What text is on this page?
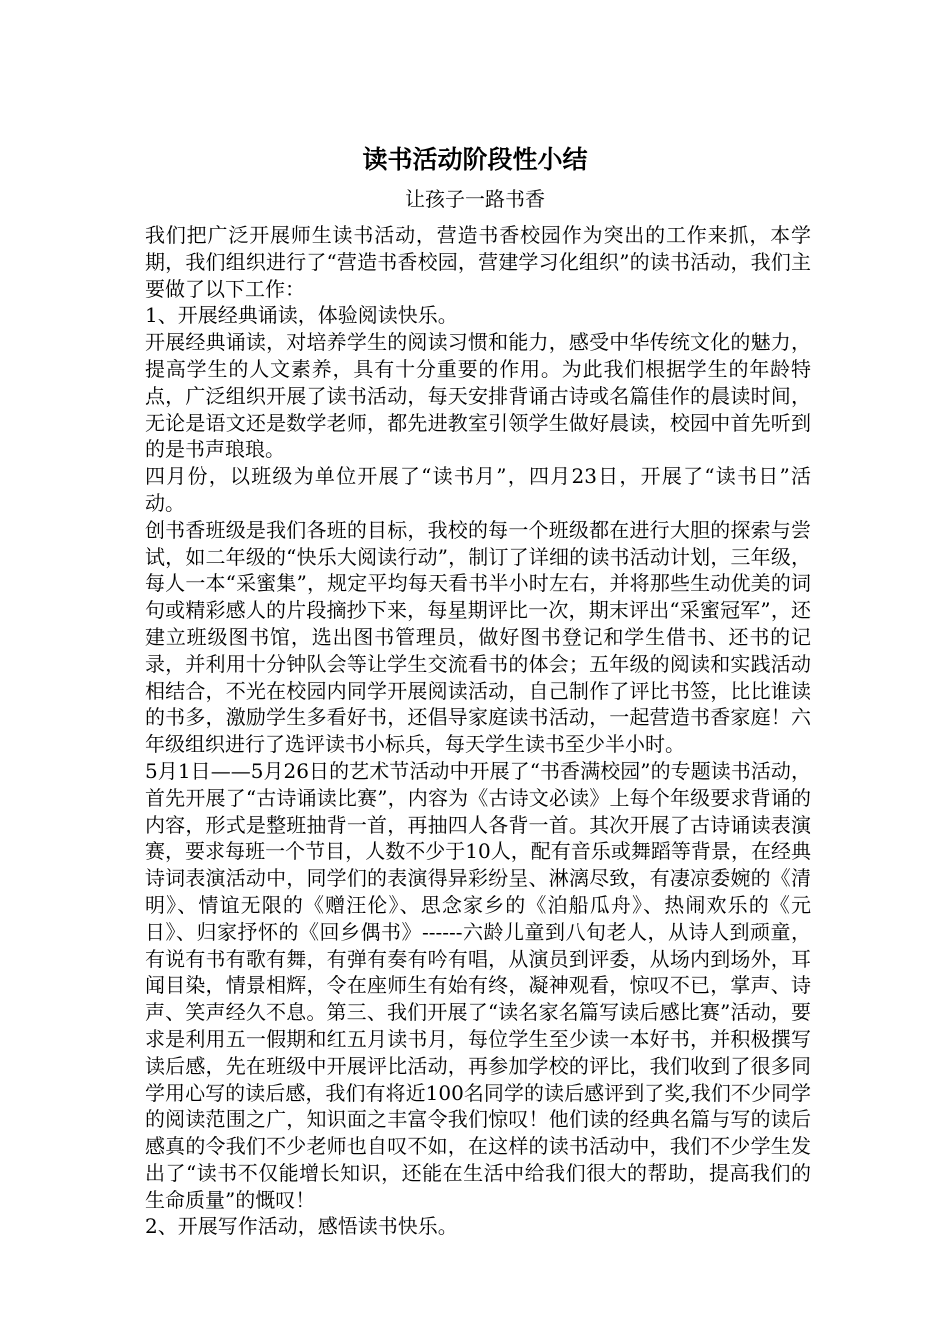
读书活动阶段性小结
让孩子一路书香

我们把广泛开展师生读书活动，营造书香校园作为突出的工作来抓，本学期，我们组织进行了“营造书香校园，营建学习化组织”的读书活动，我们主要做了以下工作：

1、开展经典诵读，体验阅读快乐。

开展经典诵读，对培养学生的阅读习惯和能力，感受中华传统文化的魅力，提高学生的人文素养，具有十分重要的作用。为此我们根据学生的年龄特点，广泛组织开展了读书活动，每天安排背诵古诗或名篇佳作的晨读时间，无论是语文还是数学老师，都先进教室引领学生做好晨读，校园中首先听到的是书声琅琅。

四月份，以班级为单位开展了“读书月”，四月23日，开展了“读书日”活动。

创书香班级是我们各班的目标，我校的每一个班级都在进行大胆的探索与尝试，如二年级的“快乐大阅读行动”，制订了详细的读书活动计划，三年级，每人一本“采蜜集”，规定平均每天看书半小时左右，并将那些生动优美的词句或精彩感人的片段摘抄下来，每星期评比一次，期末评出“采蜜冠军”，还建立班级图书馆，选出图书管理员，做好图书登记和学生借书、还书的记录，并利用十分钟队会等让学生交流看书的体会；五年级的阅读和实践活动相结合，不光在校园内同学开展阅读活动，自己制作了评比书签，比比谁读的书多，激励学生多看好书，还倡导家庭读书活动，一起营造书香家庭！六年级组织进行了选评读书小标兵，每天学生读书至少半小时。

5月1日——5月26日的艺术节活动中开展了“书香满校园”的专题读书活动，首先开展了“古诗诵读比赛”，内容为《古诗文必读》上每个年级要求背诵的内容，形式是整班抽背一首，再抽四人各背一首。其次开展了古诗诵读表演赛，要求每班一个节目，人数不少于10人，配有音乐或舞蹈等背景，在经典诗词表演活动中，同学们的表演得异彩纷呈、淋漓尽致，有凄凉委婉的《清明》、情谊无限的《赠汪伦》、思念家乡的《泊船瓜舟》、热闹欢乐的《元日》、归家抒怀的《回乡偶书》------六龄儿童到八旬老人，从诗人到顽童，有说有书有歌有舞，有弹有奏有吟有唱，从演员到评委，从场内到场外，耳闻目染，情景相辉，令在座师生有始有终，凝神观看，惊叹不已，掌声、诗声、笑声经久不息。第三、我们开展了“读名家名篇写读后感比赛”活动，要求是利用五一假期和红五月读书月，每位学生至少读一本好书，并积极撰写读后感，先在班级中开展评比活动，再参加学校的评比，我们收到了很多同学用心写的读后感，我们有将近100名同学的读后感评到了奖,我们不少同学的阅读范围之广，知识面之丰富令我们惊叹！他们读的经典名篇与写的读后感真的令我们不少老师也自叹不如，在这样的读书活动中，我们不少学生发出了“读书不仅能增长知识，还能在生活中给我们很大的帮助，提高我们的生命质量”的慨叹！

2、开展写作活动，感悟读书快乐。
